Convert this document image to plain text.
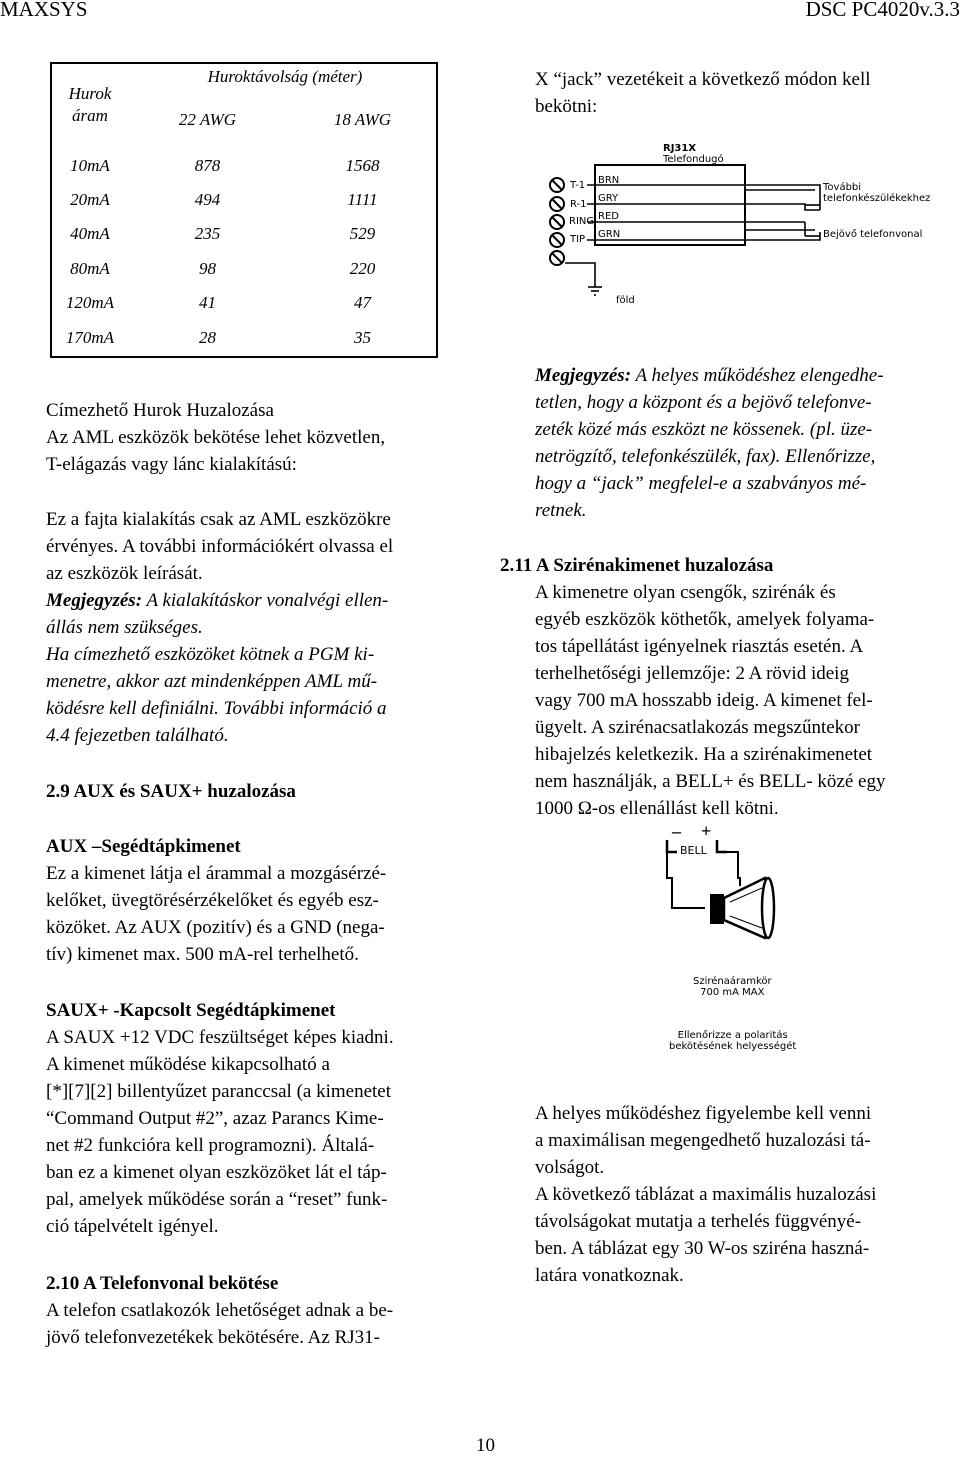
MAXSYS	DSC PC4020v.3.3
Hurok
áram	Huroktávolság (méter)	
	22 AWG	18 AWG
10mA	878	1568
20mA	494	1111
40mA	235	529
80mA	98	220
120mA	41	47
170mA	28	35
Címezhető Hurok Huzalozása
Az AML eszközök bekötése lehet közvetlen,
T-elágazás vagy lánc kialakítású:
Ez a fajta kialakítás csak az AML eszközökre
érvényes. A további információkért olvassa el
az eszközök leírását.
Megjegyzés: A kialakításkor vonalvégi ellen-
állás nem szükséges.
Ha címezhető eszközöket kötnek a PGM ki-
menetre, akkor azt mindenképpen AML mű-
ködésre kell definiálni. További információ a
4.4 fejezetben található.
2.9 AUX és SAUX+ huzalozása
AUX –Segédtápkimenet
Ez a kimenet látja el árammal a mozgásérzé-
kelőket, üvegtörésérzékelőket és egyéb esz-
közöket. Az AUX (pozitív) és a GND (nega-
tív) kimenet max. 500 mA-rel terhelhető.
SAUX+ -Kapcsolt Segédtápkimenet
A SAUX +12 VDC feszültséget képes kiadni.
A kimenet működése kikapcsolható a
[*][7][2] billentyűzet paranccsal (a kimenetet
“Command Output #2”, azaz Parancs Kime-
net #2 funkcióra kell programozni). Általá-
ban ez a kimenet olyan eszközöket lát el táp-
pal, amelyek működése során a “reset” funk-
ció tápelvételt igényel.
2.10 A Telefonvonal bekötése
A telefon csatlakozók lehetőséget adnak a be-
jövő telefonvezetékek bekötésére. Az RJ31-
X “jack” vezetékeit a következő módon kell
bekötni:
RJ31X
Telefondugó
T-1
R-1
RING
TIP
BRN
GRY
RED
GRN
További
telefonkészülékekhez
Bejövő telefonvonal
föld
Megjegyzés: A helyes működéshez elengedhe-
tetlen, hogy a központ és a bejövő telefonve-
zeték közé más eszközt ne kössenek. (pl. üze-
netrögzítő, telefonkészülék, fax). Ellenőrizze,
hogy a “jack” megfelel-e a szabványos mé-
retnek.
2.11 A Szirénakimenet huzalozása
A kimenetre olyan csengők, szirénák és
egyéb eszközök köthetők, amelyek folyama-
tos tápellátást igényelnek riasztás esetén. A
terhelhetőségi jellemzője: 2 A rövid ideig
vagy 700 mA hosszabb ideig. A kimenet fel-
ügyelt. A szirénacsatlakozás megszűntekor
hibajelzés keletkezik. Ha a szirénakimenetet
nem használják, a BELL+ és BELL- közé egy
1000 Ω-os ellenállást kell kötni.
– +
BELL
Szirénaáramkör
700 mA MAX
Ellenőrizze a polaritás
bekötésének helyességét
A helyes működéshez figyelembe kell venni
a maximálisan megengedhető huzalozási tá-
volságot.
A következő táblázat a maximális huzalozási
távolságokat mutatja a terhelés függvényé-
ben. A táblázat egy 30 W-os sziréna haszná-
latára vonatkoznak.
10
